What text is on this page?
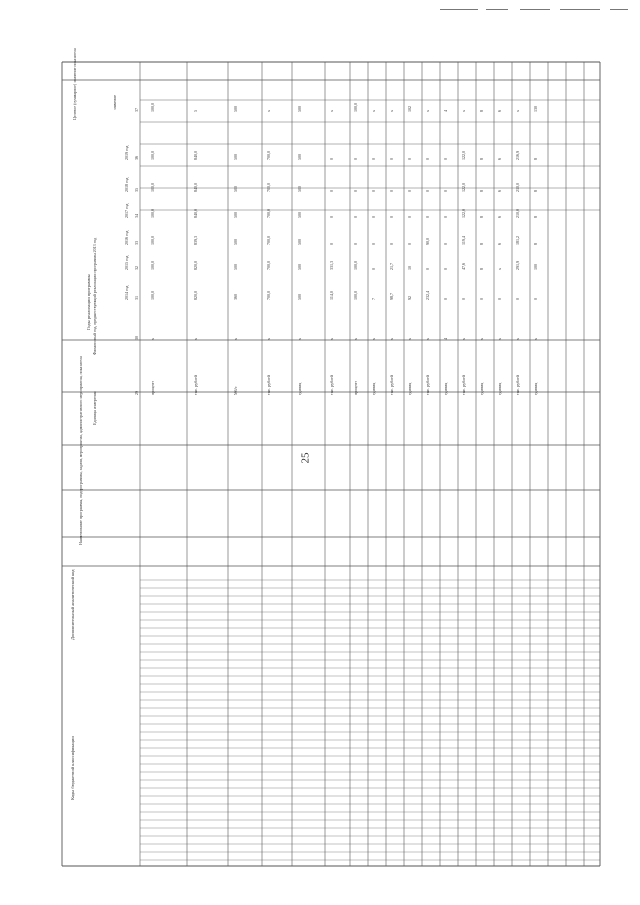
25
Целевое (суммарное) значение показателя	значение
Годы реализации программы Финансовый год, предшествующий реализации программы 2013 год
Единица измерения
Наименование программы, подпрограммы, задачи, мероприятия, административного мероприятия, показателя
Дополнительный аналитический код
Коды бюджетной классификации
2014 год
2015 год
2016 год
2017 год
2018 год
2019 год
29
30
31
32
33
34
35
36
37
процент
x
100,0
100,0
100,0
100,0
100,0
100,0
100,0
тыс. рублей
x
820,0
820,0
839,3
840,0
840,0
840,0
5
Мб/с
x
360
500
500
500
500
500
500
тыс. рублей
x
700,0
700,0
700,0
700,0
700,0
700,0
x
единиц
x
500
500
500
500
500
500
500
тыс. рублей
x
114,0
331,3
0
0
0
0
x
процент
x
100,0
100,0
0
0
0
0
100,0
единиц
x
7
0
0
0
0
0
x
тыс. рублей
x
98,7
21,7
0
0
0
0
x
единиц
x
92
10
0
0
0
0
102
тыс. рублей
x
232,4
0
90,0
0
0
0
x
единиц
4
0
0
0
0
0
0
4
тыс. рублей
x
0
47,6
119,4
122,0
122,0
122,0
x
единиц
x
0
8
8
8
8
8
8
единиц
x
0
x
6
6
6
6
6
тыс. рублей
x
0
291,9
181,2
210,0
210,0
216,9
x
единиц
x
0
100
8
8
8
8
130
